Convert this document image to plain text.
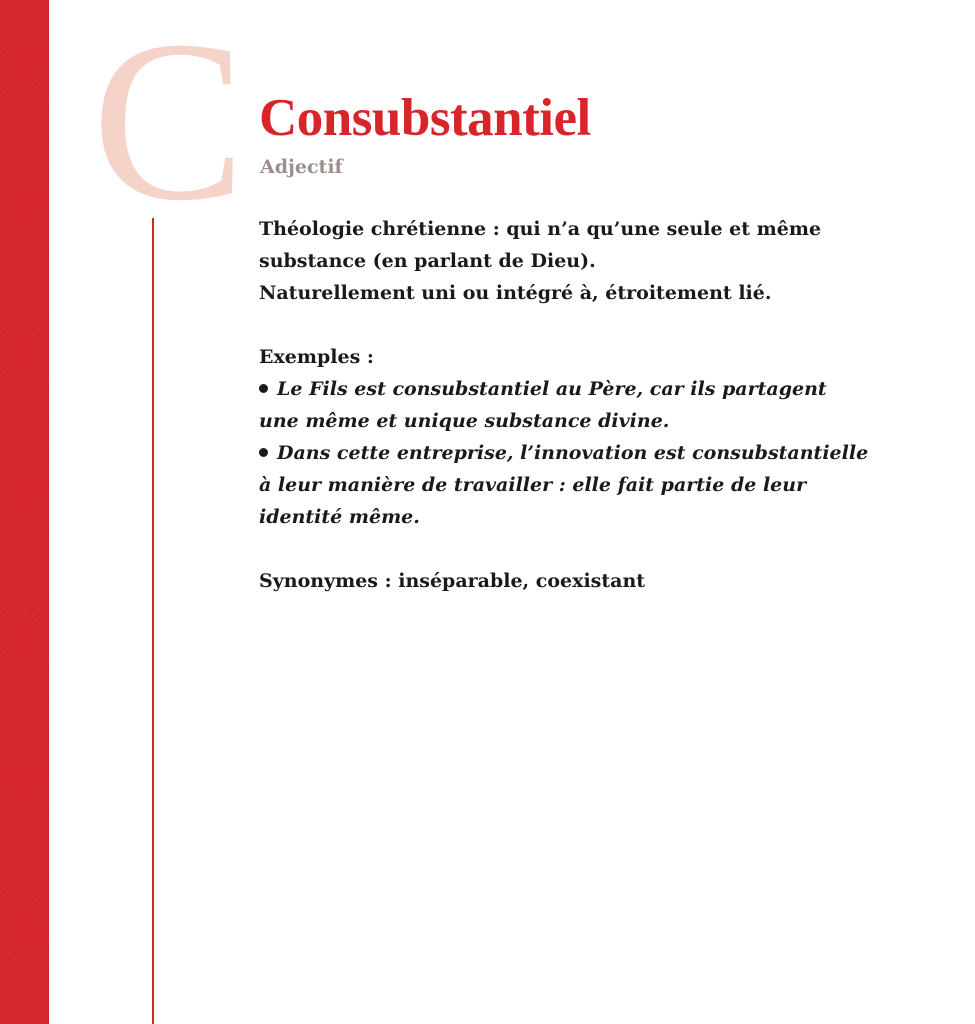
C Consubstantiel
Adjectif

Théologie chrétienne : qui n’a qu’une seule et même substance (en parlant de Dieu).

Naturellement uni ou intégré à, étroitement lié.

Exemples :

Le Fils est consubstantiel au Père, car ils partagent une même et unique substance divine.

Dans cette entreprise, l’innovation est consubstantielle à leur manière de travailler : elle fait partie de leur identité même.

Synonymes : inséparable, coexistant
